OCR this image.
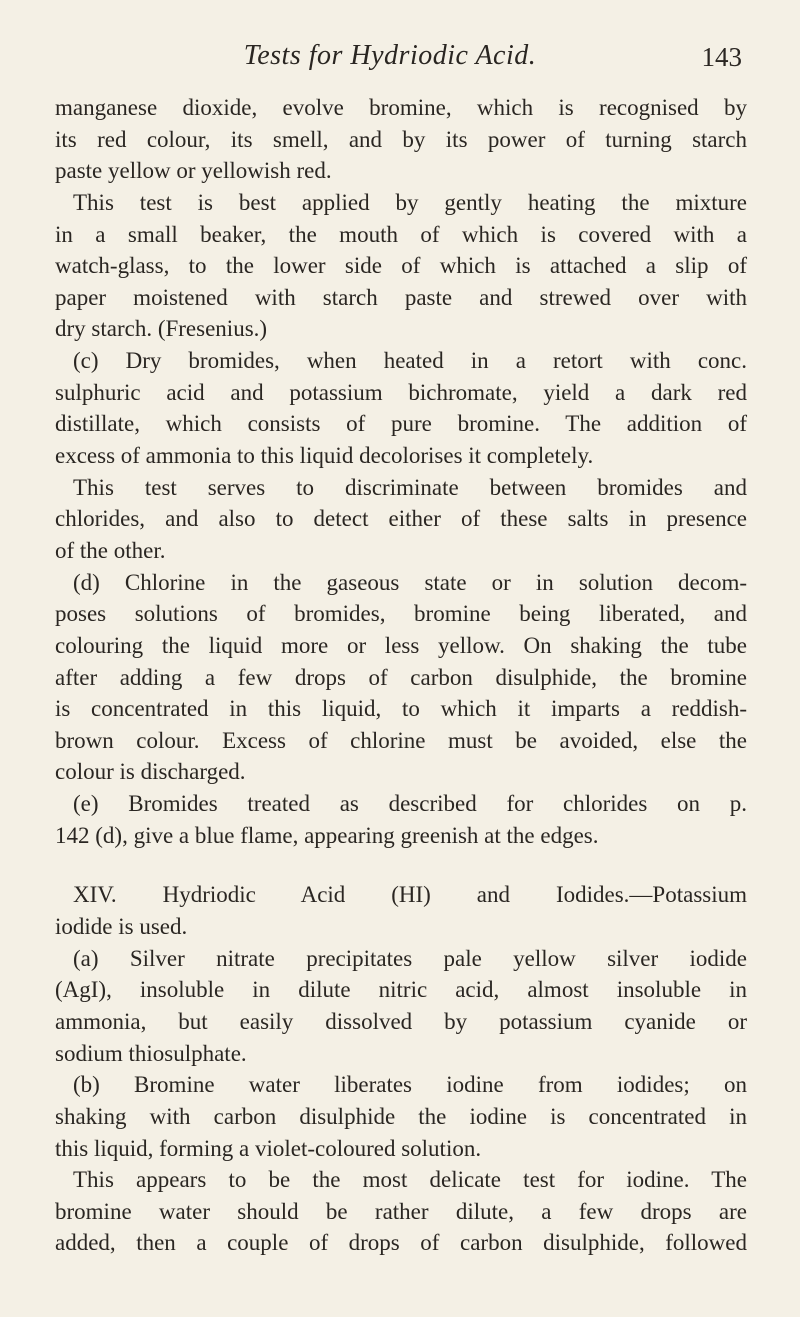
Tests for Hydriodic Acid.	143
manganese dioxide, evolve bromine, which is recognised by
its red colour, its smell, and by its power of turning starch
paste yellow or yellowish red.
This test is best applied by gently heating the mixture
in a small beaker, the mouth of which is covered with a
watch-glass, to the lower side of which is attached a slip of
paper moistened with starch paste and strewed over with
dry starch. (Fresenius.)
(c) Dry bromides, when heated in a retort with conc.
sulphuric acid and potassium bichromate, yield a dark red
distillate, which consists of pure bromine. The addition of
excess of ammonia to this liquid decolorises it completely.
This test serves to discriminate between bromides and
chlorides, and also to detect either of these salts in presence
of the other.
(d) Chlorine in the gaseous state or in solution decom-
poses solutions of bromides, bromine being liberated, and
colouring the liquid more or less yellow. On shaking the tube
after adding a few drops of carbon disulphide, the bromine
is concentrated in this liquid, to which it imparts a reddish-
brown colour. Excess of chlorine must be avoided, else the
colour is discharged.
(e) Bromides treated as described for chlorides on p.
142 (d), give a blue flame, appearing greenish at the edges.
XIV. Hydriodic Acid (HI) and Iodides.—Potassium
iodide is used.
(a) Silver nitrate precipitates pale yellow silver iodide
(AgI), insoluble in dilute nitric acid, almost insoluble in
ammonia, but easily dissolved by potassium cyanide or
sodium thiosulphate.
(b) Bromine water liberates iodine from iodides; on
shaking with carbon disulphide the iodine is concentrated in
this liquid, forming a violet-coloured solution.
This appears to be the most delicate test for iodine. The
bromine water should be rather dilute, a few drops are
added, then a couple of drops of carbon disulphide, followed
